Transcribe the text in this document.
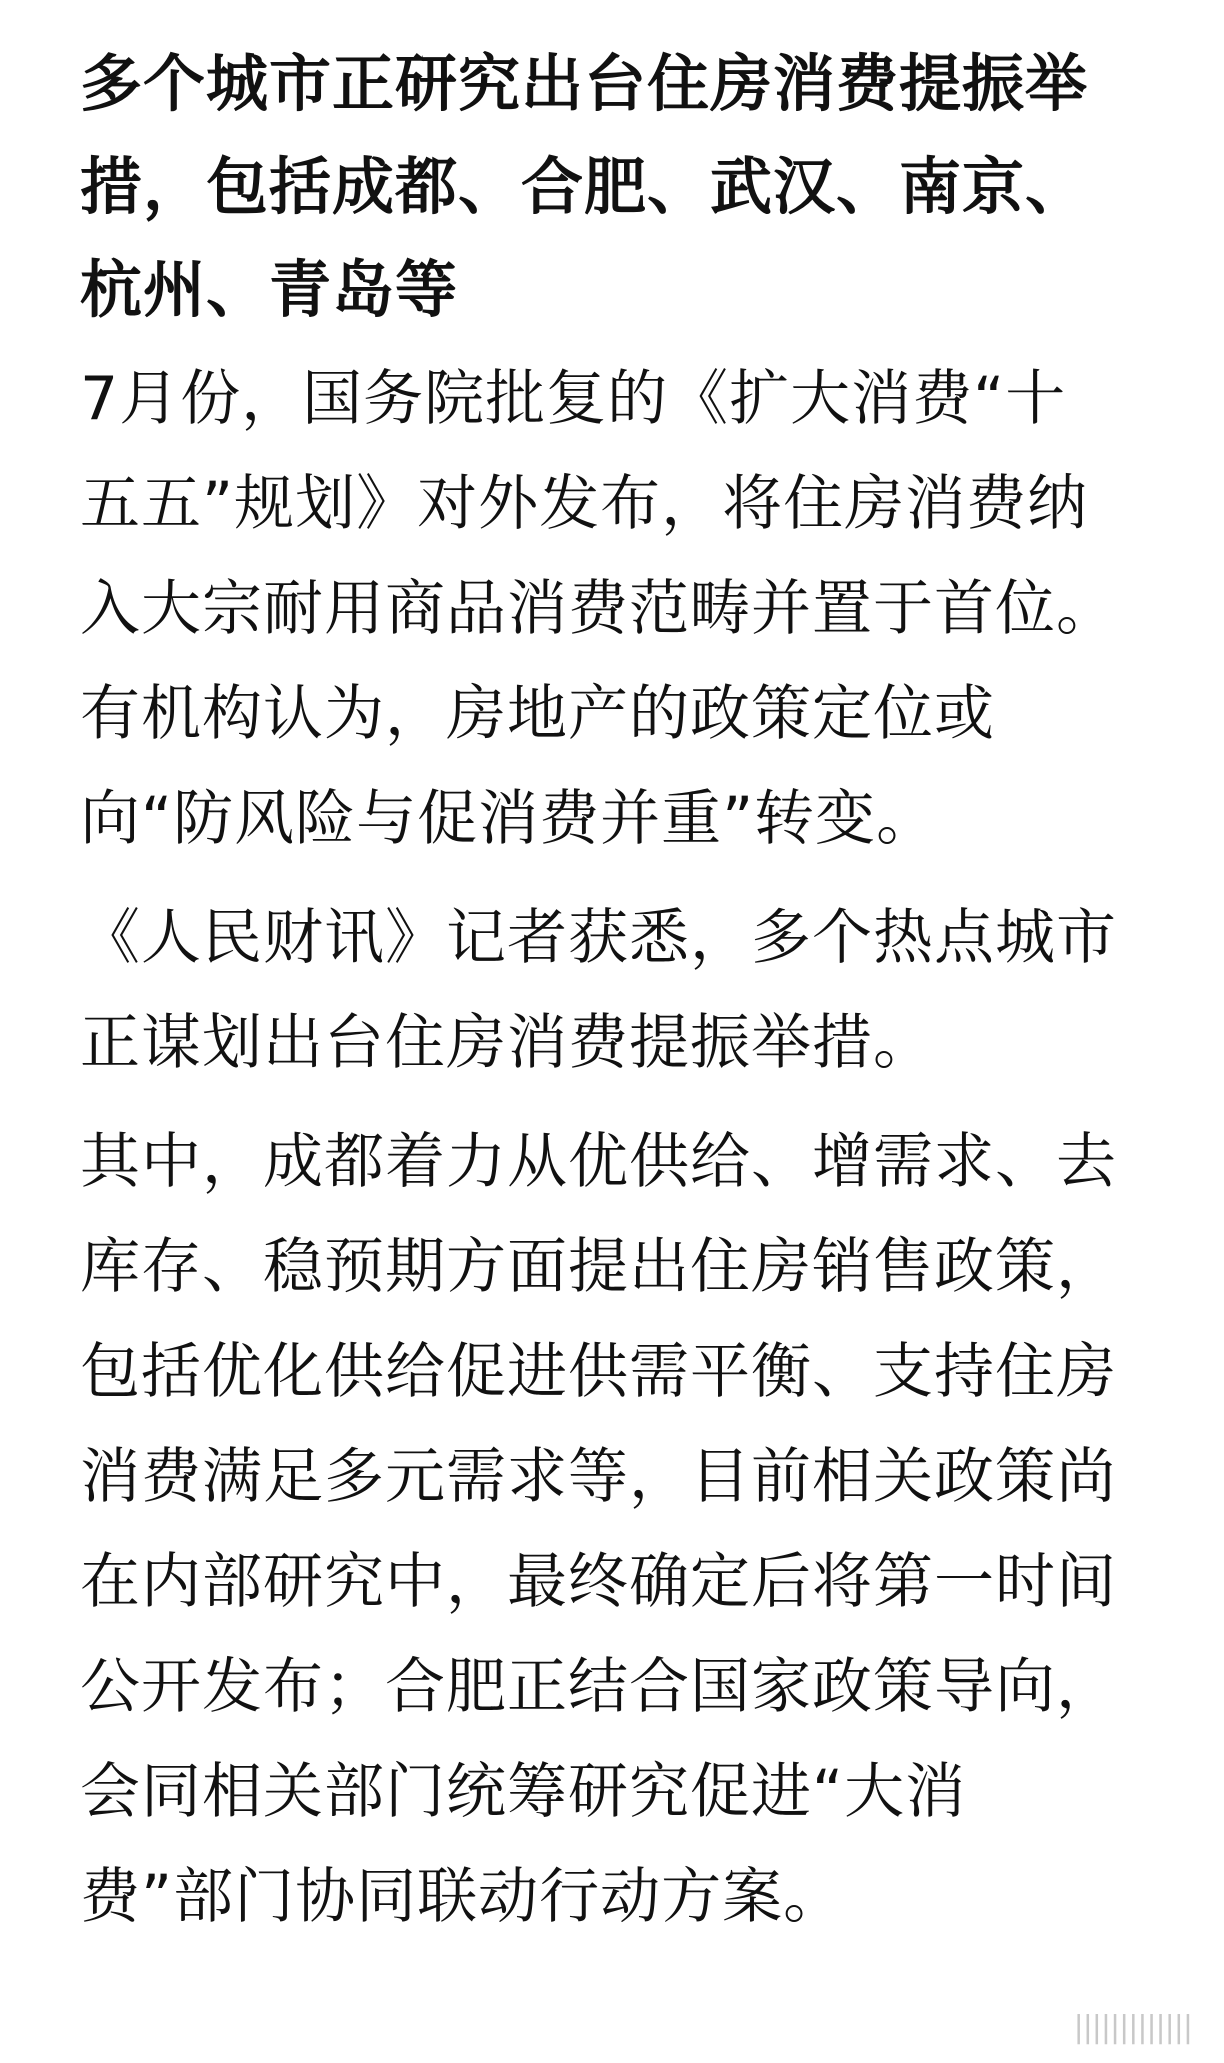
多个城市正研究出台住房消费提振举措，包括成都、合肥、武汉、南京、杭州、青岛等

7月份，国务院批复的《扩大消费“十五五”规划》对外发布，将住房消费纳入大宗耐用商品消费范畴并置于首位。有机构认为，房地产的政策定位或向“防风险与促消费并重”转变。

《人民财讯》记者获悉，多个热点城市正谋划出台住房消费提振举措。

其中，成都着力从优供给、增需求、去库存、稳预期方面提出住房销售政策，包括优化供给促进供需平衡、支持住房消费满足多元需求等，目前相关政策尚在内部研究中，最终确定后将第一时间公开发布；合肥正结合国家政策导向，会同相关部门统筹研究促进“大消费”部门协同联动行动方案。

|||||||||||||
